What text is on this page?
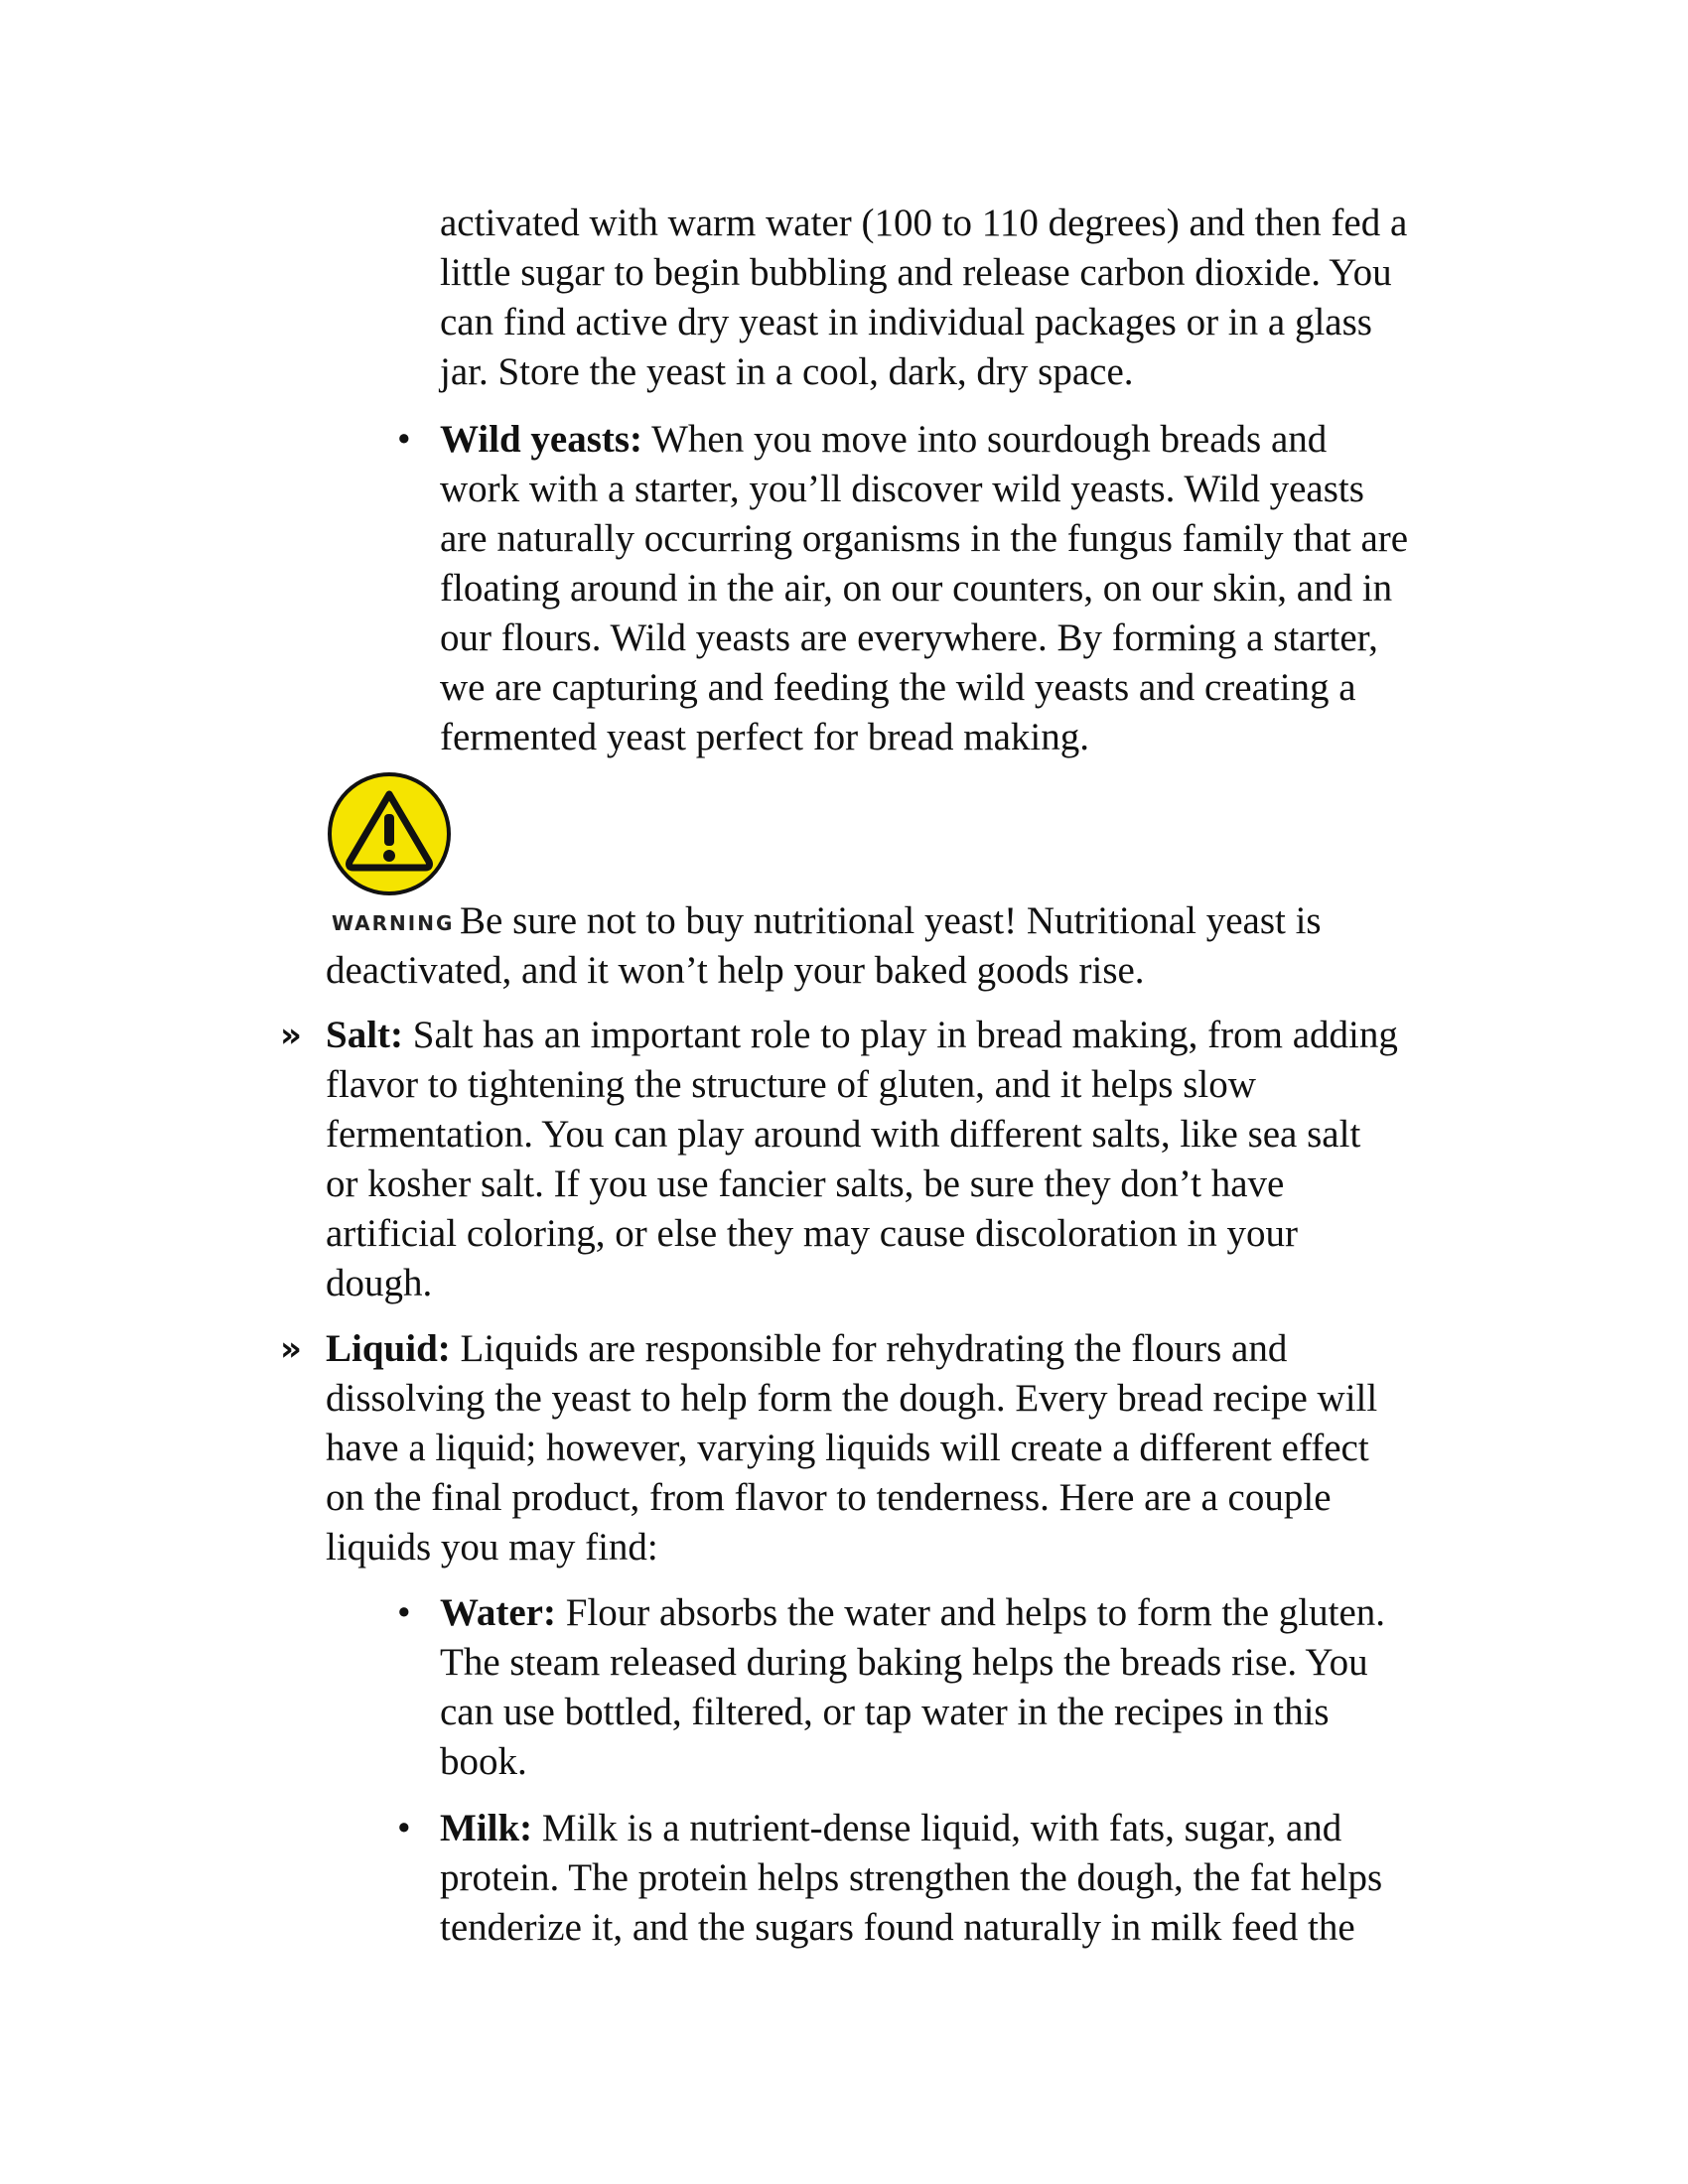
activated with warm water (100 to 110 degrees) and then fed a
little sugar to begin bubbling and release carbon dioxide. You
can find active dry yeast in individual packages or in a glass
jar. Store the yeast in a cool, dark, dry space.
• Wild yeasts: When you move into sourdough breads and
work with a starter, you’ll discover wild yeasts. Wild yeasts
are naturally occurring organisms in the fungus family that are
floating around in the air, on our counters, on our skin, and in
our flours. Wild yeasts are everywhere. By forming a starter,
we are capturing and feeding the wild yeasts and creating a
fermented yeast perfect for bread making.
WARNING Be sure not to buy nutritional yeast! Nutritional yeast is
deactivated, and it won’t help your baked goods rise.
» Salt: Salt has an important role to play in bread making, from adding
flavor to tightening the structure of gluten, and it helps slow
fermentation. You can play around with different salts, like sea salt
or kosher salt. If you use fancier salts, be sure they don’t have
artificial coloring, or else they may cause discoloration in your
dough.
» Liquid: Liquids are responsible for rehydrating the flours and
dissolving the yeast to help form the dough. Every bread recipe will
have a liquid; however, varying liquids will create a different effect
on the final product, from flavor to tenderness. Here are a couple
liquids you may find:
• Water: Flour absorbs the water and helps to form the gluten.
The steam released during baking helps the breads rise. You
can use bottled, filtered, or tap water in the recipes in this
book.
• Milk: Milk is a nutrient-dense liquid, with fats, sugar, and
protein. The protein helps strengthen the dough, the fat helps
tenderize it, and the sugars found naturally in milk feed the
